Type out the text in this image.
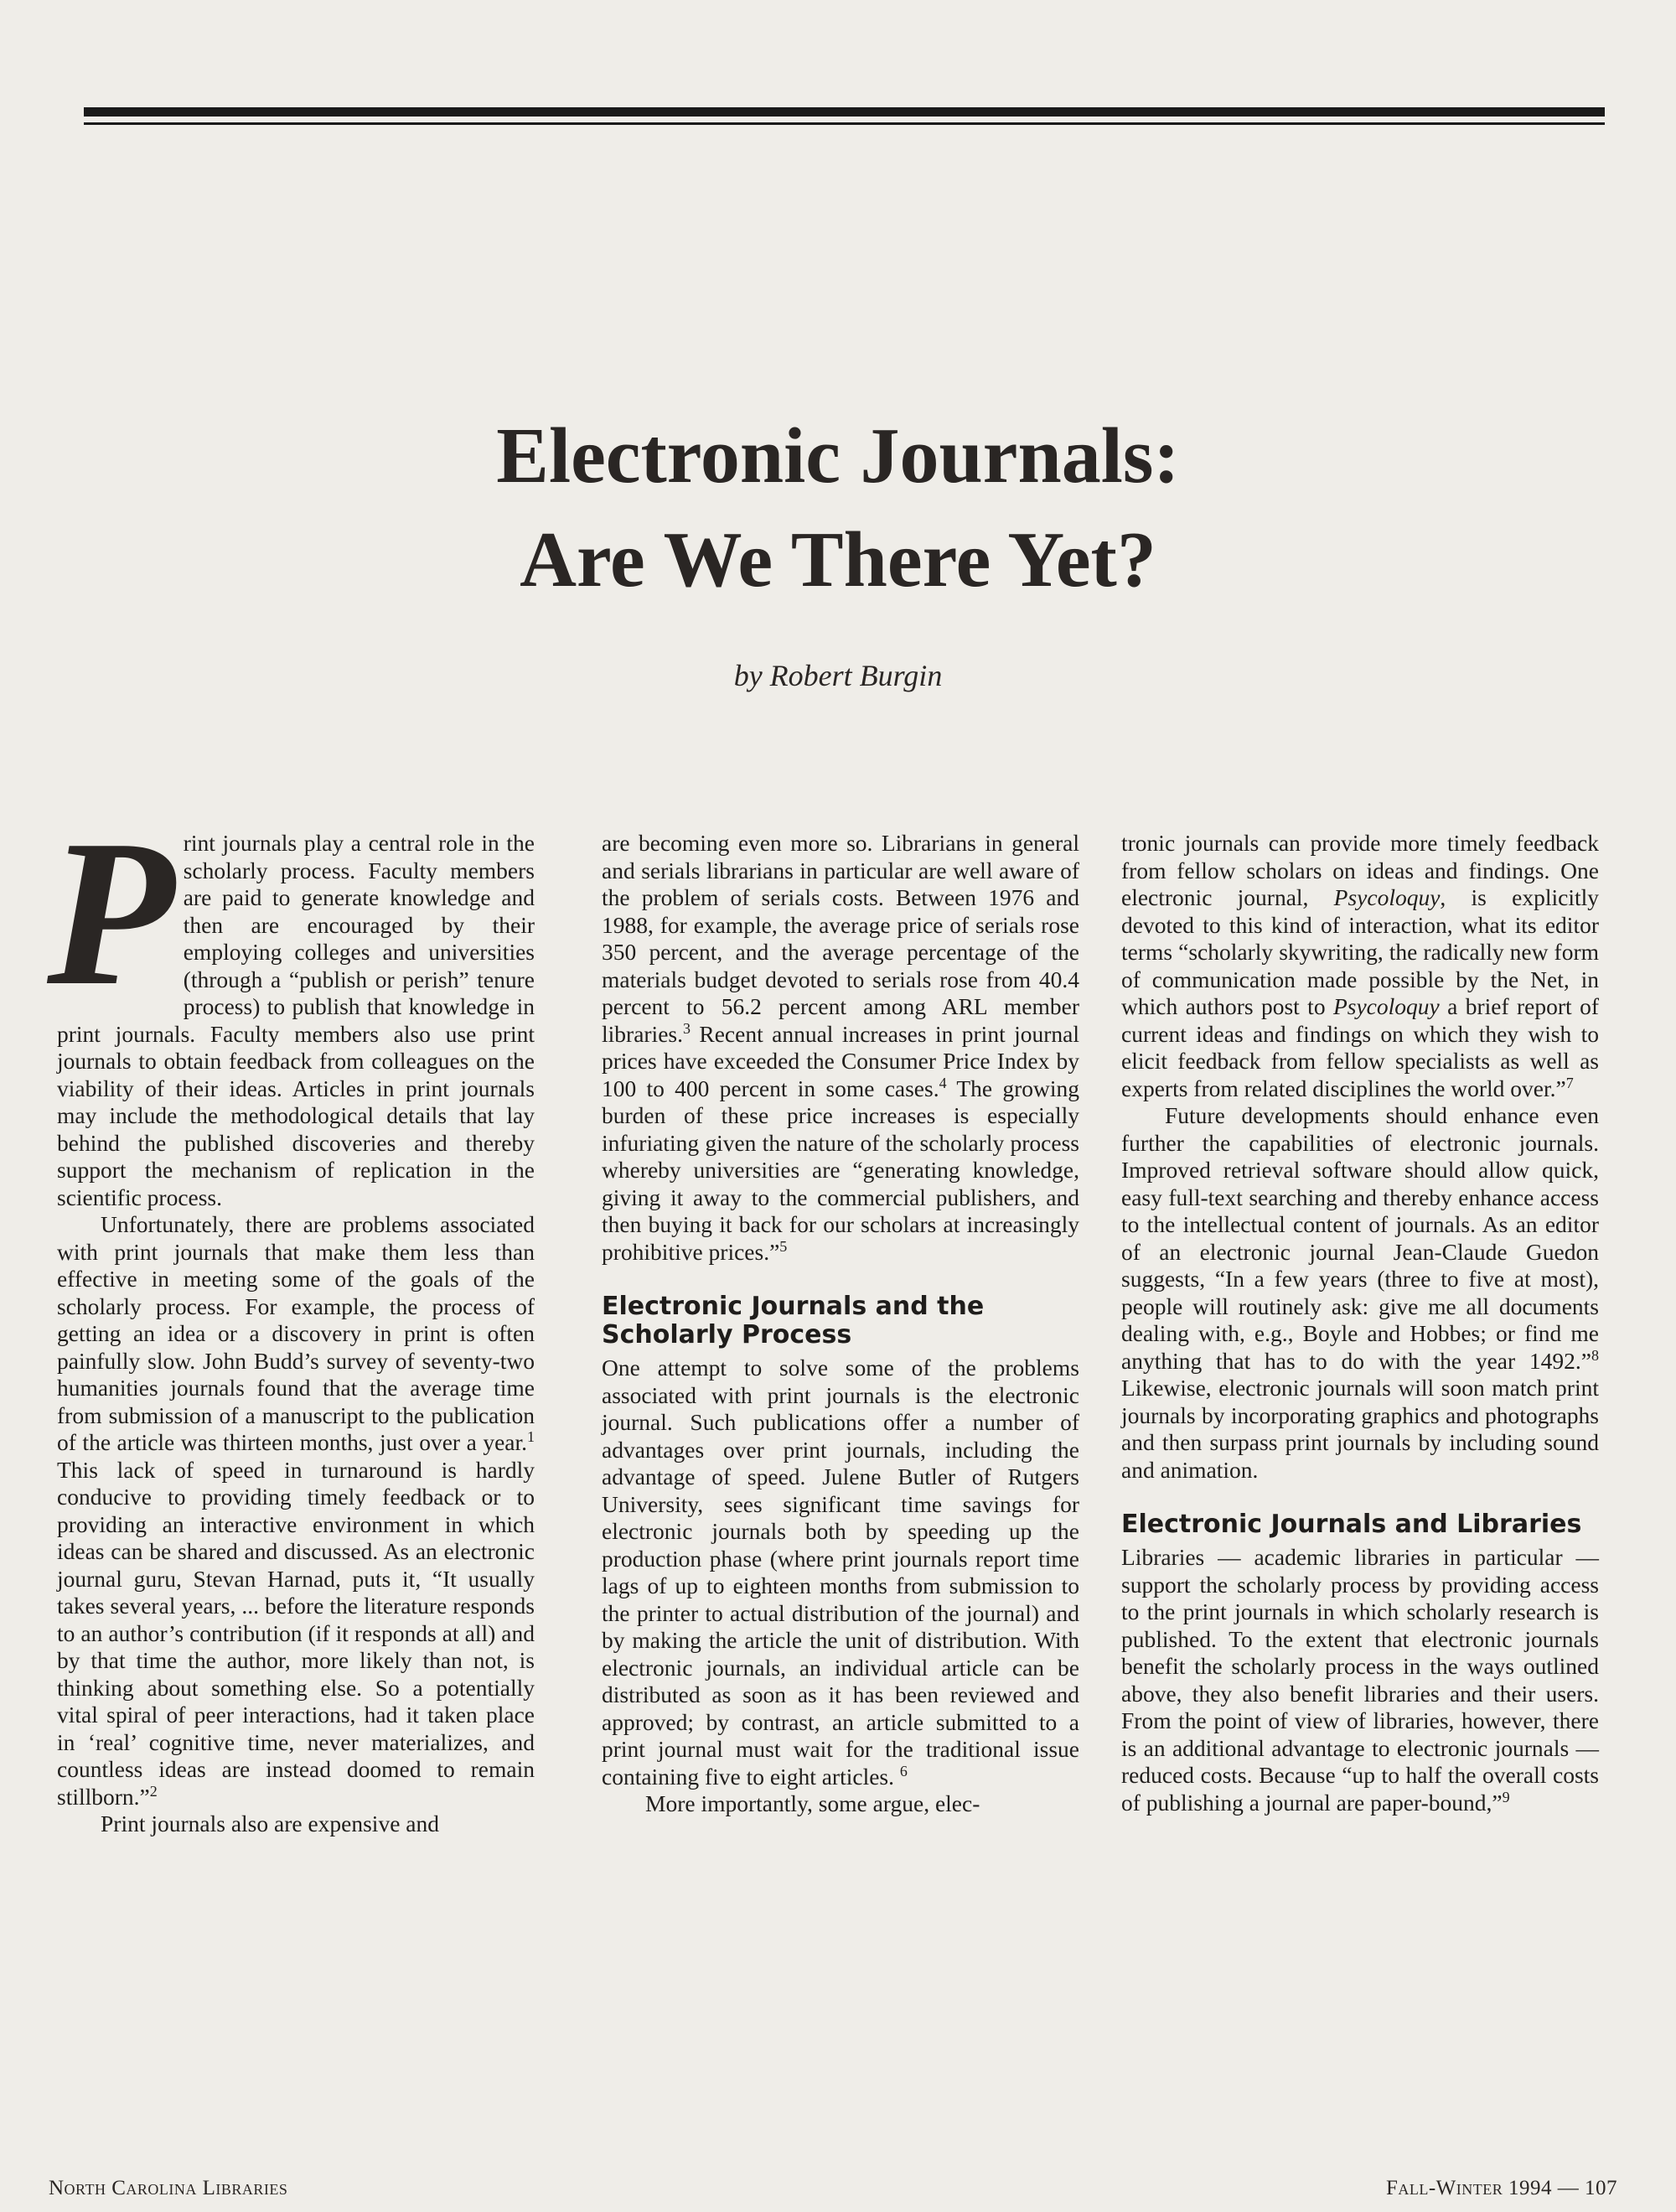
Electronic Journals:
Are We There Yet?
by Robert Burgin

Print journals play a central role in the scholarly process. Faculty members are paid to generate knowledge and then are encouraged by their employing colleges and universities (through a “publish or perish” tenure process) to publish that knowledge in print journals. Faculty members also use print journals to obtain feedback from colleagues on the viability of their ideas. Articles in print journals may include the methodological details that lay behind the published discoveries and thereby support the mechanism of replication in the scientific process.

Unfortunately, there are problems associated with print journals that make them less than effective in meeting some of the goals of the scholarly process. For example, the process of getting an idea or a discovery in print is often painfully slow. John Budd’s survey of seventy-two humanities journals found that the average time from submission of a manuscript to the publication of the article was thirteen months, just over a year.$^1$ This lack of speed in turnaround is hardly conducive to providing timely feedback or to providing an interactive environment in which ideas can be shared and discussed. As an electronic journal guru, Stevan Harnad, puts it, “It usually takes several years, ... before the literature responds to an author’s contribution (if it responds at all) and by that time the author, more likely than not, is thinking about something else. So a potentially vital spiral of peer interactions, had it taken place in ‘real’ cognitive time, never materializes, and countless ideas are instead doomed to remain stillborn.”$^2$

Print journals also are expensive and

are becoming even more so. Librarians in general and serials librarians in particular are well aware of the problem of serials costs. Between 1976 and 1988, for example, the average price of serials rose 350 percent, and the average percentage of the materials budget devoted to serials rose from 40.4 percent to 56.2 percent among ARL member libraries.$^3$ Recent annual increases in print journal prices have exceeded the Consumer Price Index by 100 to 400 percent in some cases.$^4$ The growing burden of these price increases is especially infuriating given the nature of the scholarly process whereby universities are “generating knowledge, giving it away to the commercial publishers, and then buying it back for our scholars at increasingly prohibitive prices.”$^5$

Electronic Journals and the Scholarly Process

One attempt to solve some of the problems associated with print journals is the electronic journal. Such publications offer a number of advantages over print journals, including the advantage of speed. Julene Butler of Rutgers University, sees significant time savings for electronic journals both by speeding up the production phase (where print journals report time lags of up to eighteen months from submission to the printer to actual distribution of the journal) and by making the article the unit of distribution. With electronic journals, an individual article can be distributed as soon as it has been reviewed and approved; by contrast, an article submitted to a print journal must wait for the traditional issue containing five to eight articles. $^6$

More importantly, some argue, elec-

tronic journals can provide more timely feedback from fellow scholars on ideas and findings. One electronic journal, Psycoloquy, is explicitly devoted to this kind of interaction, what its editor terms “scholarly skywriting, the radically new form of communication made possible by the Net, in which authors post to Psycoloquy a brief report of current ideas and findings on which they wish to elicit feedback from fellow specialists as well as experts from related disciplines the world over.”$^7$

Future developments should enhance even further the capabilities of electronic journals. Improved retrieval software should allow quick, easy full-text searching and thereby enhance access to the intellectual content of journals. As an editor of an electronic journal Jean-Claude Guedon suggests, “In a few years (three to five at most), people will routinely ask: give me all documents dealing with, e.g., Boyle and Hobbes; or find me anything that has to do with the year 1492.”$^8$ Likewise, electronic journals will soon match print journals by incorporating graphics and photographs and then surpass print journals by including sound and animation.

Electronic Journals and Libraries

Libraries — academic libraries in particular — support the scholarly process by providing access to the print journals in which scholarly research is published. To the extent that electronic journals benefit the scholarly process in the ways outlined above, they also benefit libraries and their users. From the point of view of libraries, however, there is an additional advantage to electronic journals — reduced costs. Because “up to half the overall costs of publishing a journal are paper-bound,”$^9$

North Carolina Libraries	Fall-Winter 1994 — 107
